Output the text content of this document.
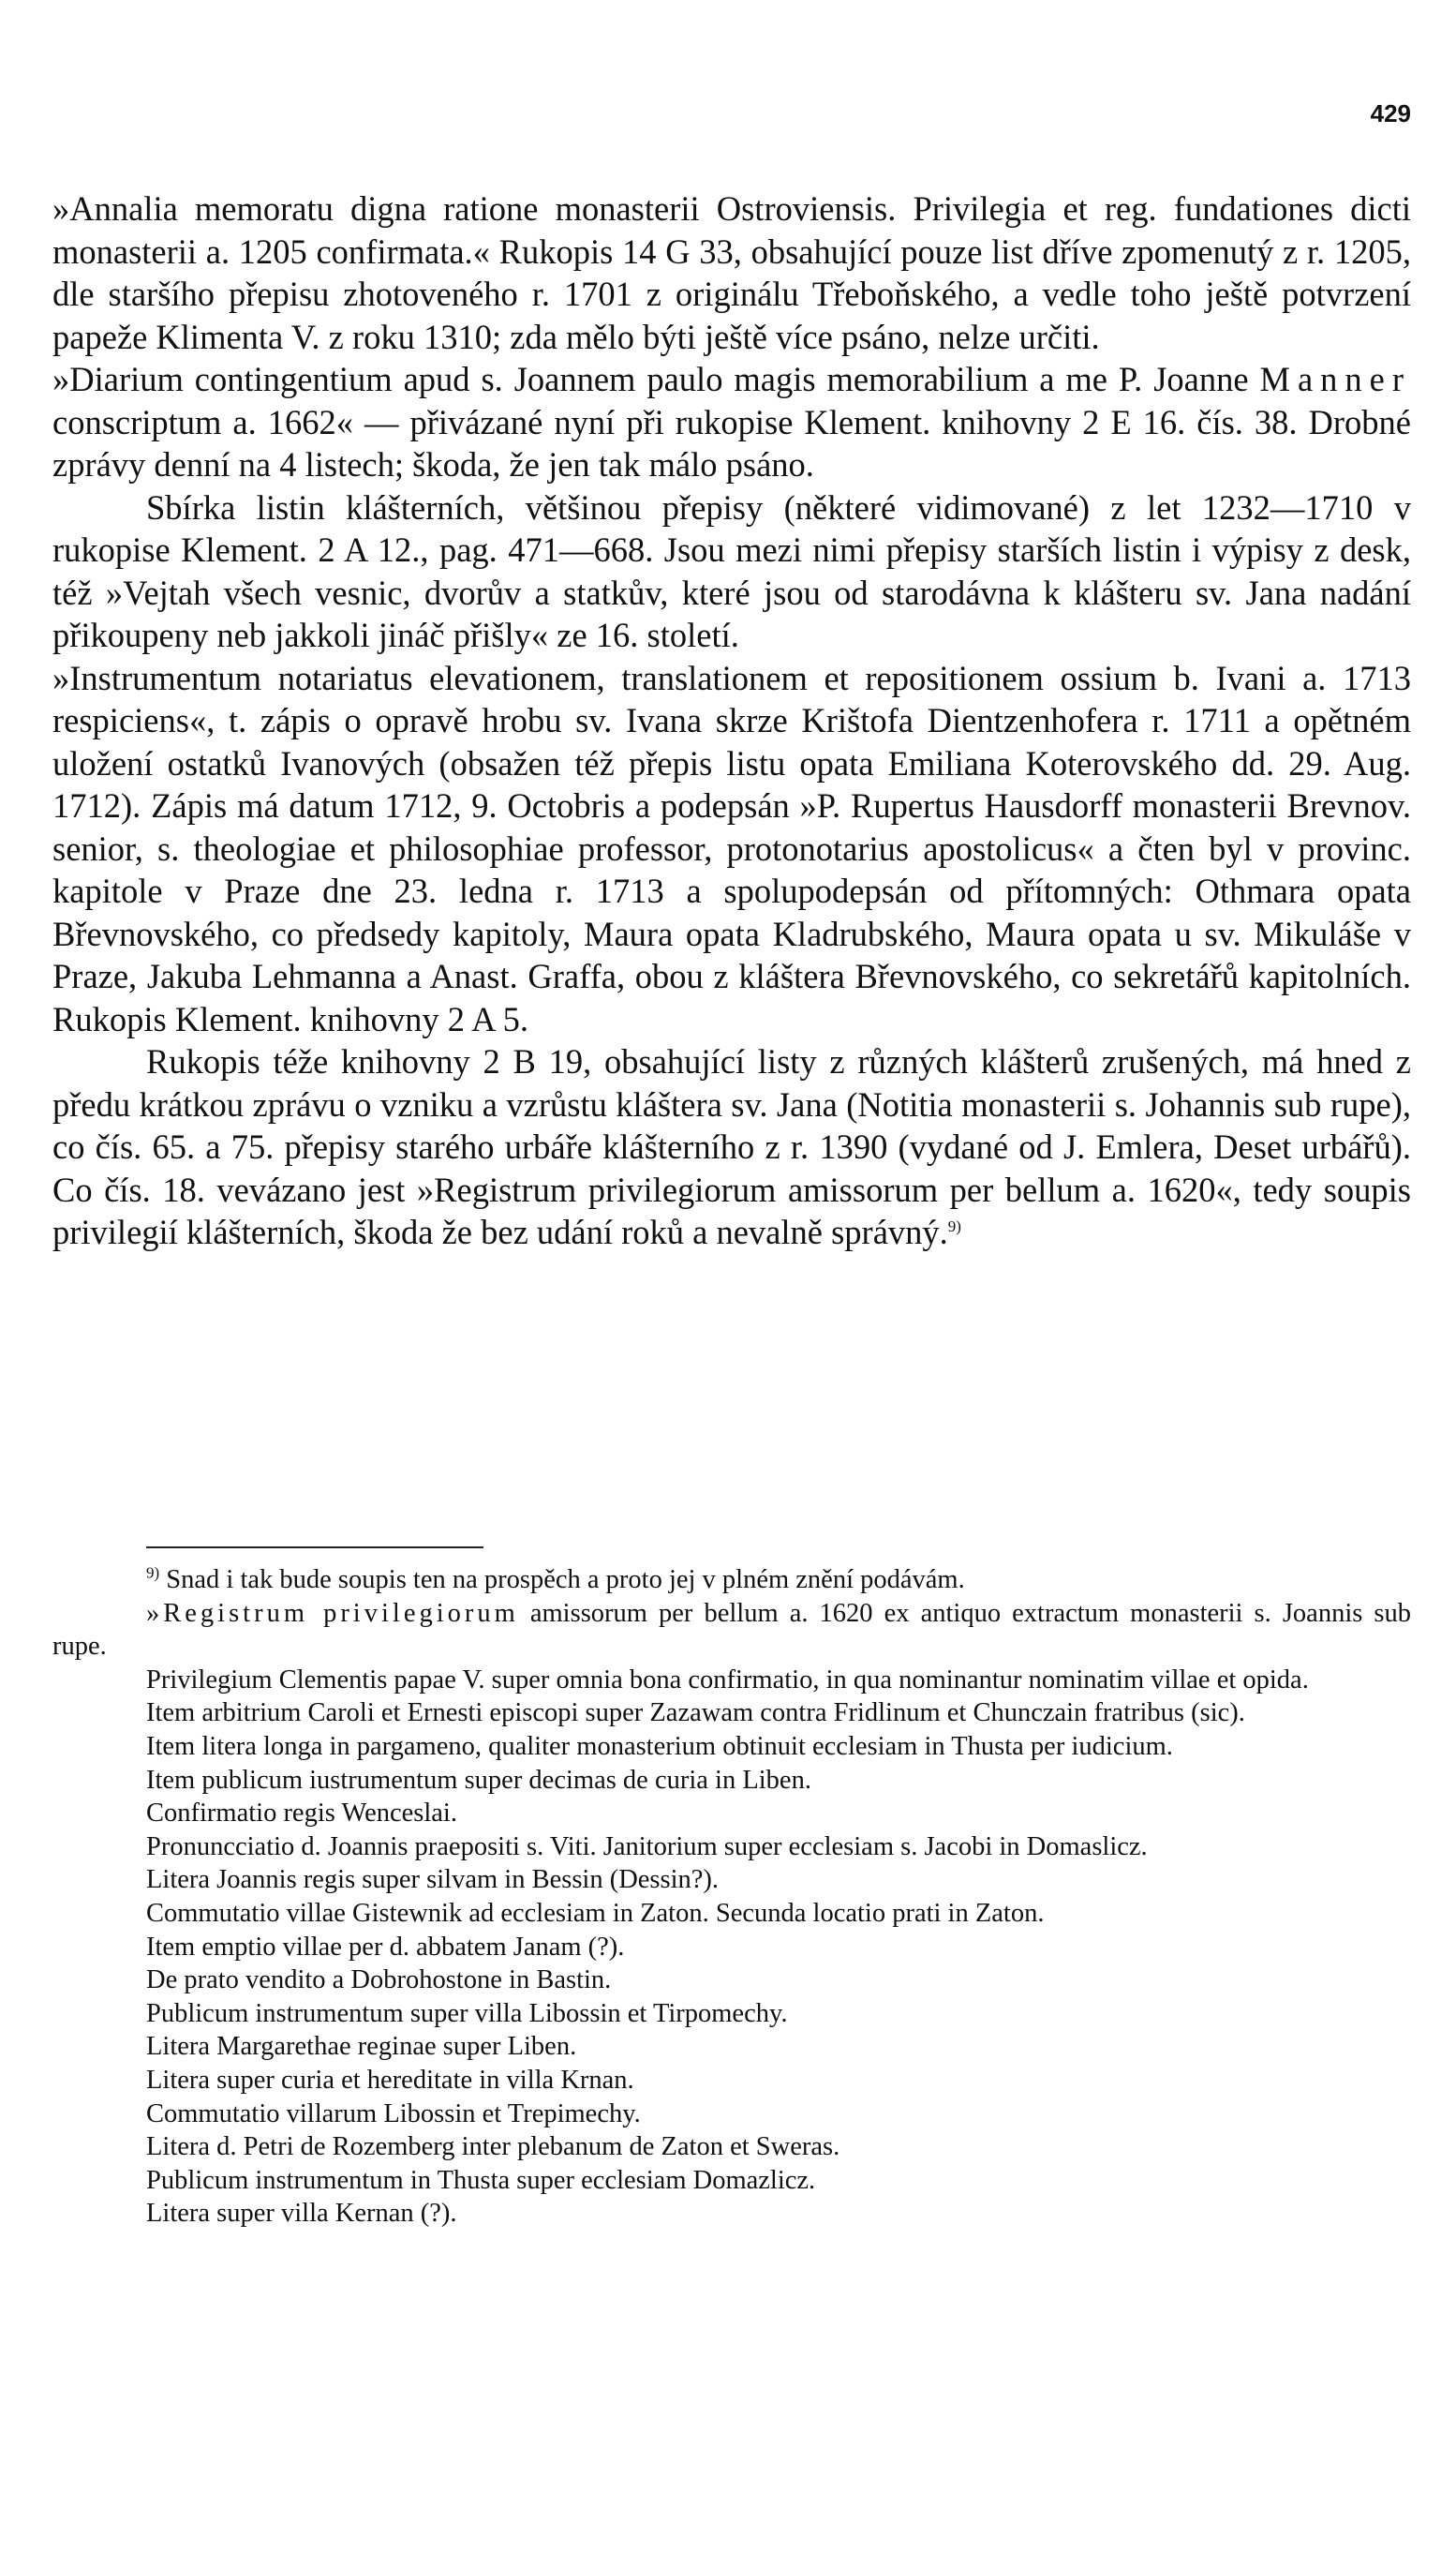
429

»Annalia memoratu digna ratione monasterii Ostroviensis. Privilegia et reg. fundationes dicti monasterii a. 1205 confirmata.« Rukopis 14 G 33, obsahující pouze list dříve zpomenutý z r. 1205, dle staršího přepisu zhotoveného r. 1701 z originálu Třeboňského, a vedle toho ještě potvrzení papeže Klimenta V. z roku 1310; zda mělo býti ještě více psáno, nelze určiti.

»Diarium contingentium apud s. Joannem paulo magis memorabilium a me P. Joanne Manner conscriptum a. 1662« — přivázané nyní při rukopise Klement. knihovny 2 E 16. čís. 38. Drobné zprávy denní na 4 listech; škoda, že jen tak málo psáno.

Sbírka listin klášterních, většinou přepisy (některé vidimované) z let 1232—1710 v rukopise Klement. 2 A 12., pag. 471—668. Jsou mezi nimi přepisy starších listin i výpisy z desk, též »Vejtah všech vesnic, dvorův a statkův, které jsou od starodávna k klášteru sv. Jana nadání přikoupeny neb jakkoli jináč přišly« ze 16. století.

»Instrumentum notariatus elevationem, translationem et repositionem ossium b. Ivani a. 1713 respiciens«, t. zápis o opravě hrobu sv. Ivana skrze Krištofa Dientzenhofera r. 1711 a opětném uložení ostatků Ivanových (obsažen též přepis listu opata Emiliana Koterovského dd. 29. Aug. 1712). Zápis má datum 1712, 9. Octobris a podepsán »P. Rupertus Hausdorff monasterii Brevnov. senior, s. theologiae et philosophiae professor, protonotarius apostolicus« a čten byl v provinc. kapitole v Praze dne 23. ledna r. 1713 a spolupodepsán od přítomných: Othmara opata Břevnovského, co předsedy kapitoly, Maura opata Kladrubského, Maura opata u sv. Mikuláše v Praze, Jakuba Lehmanna a Anast. Graffa, obou z kláštera Břevnovského, co sekretářů kapitolních. Rukopis Klement. knihovny 2 A 5.

Rukopis téže knihovny 2 B 19, obsahující listy z různých klášterů zrušených, má hned z předu krátkou zprávu o vzniku a vzrůstu kláštera sv. Jana (Notitia monasterii s. Johannis sub rupe), co čís. 65. a 75. přepisy starého urbáře klášterního z r. 1390 (vydané od J. Emlera, Deset urbářů). Co čís. 18. vevázano jest »Registrum privilegiorum amissorum per bellum a. 1620«, tedy soupis privilegií klášterních, škoda že bez udání roků a nevalně správný.$^{9)}$

$^{9)}$ Snad i tak bude soupis ten na prospěch a proto jej v plném znění podávám.

»Registrum privilegiorum amissorum per bellum a. 1620 ex antiquo extractum monasterii s. Joannis sub rupe.

Privilegium Clementis papae V. super omnia bona confirmatio, in qua nominantur nominatim villae et opida.

Item arbitrium Caroli et Ernesti episcopi super Zazawam contra Fridlinum et Chunczain fratribus (sic).

Item litera longa in pargameno, qualiter monasterium obtinuit ecclesiam in Thusta per iudicium.

Item publicum iustrumentum super decimas de curia in Liben.

Confirmatio regis Wenceslai.

Pronuncciatio d. Joannis praepositi s. Viti. Janitorium super ecclesiam s. Jacobi in Domaslicz.

Litera Joannis regis super silvam in Bessin (Dessin?).

Commutatio villae Gistewnik ad ecclesiam in Zaton. Secunda locatio prati in Zaton.

Item emptio villae per d. abbatem Janam (?).

De prato vendito a Dobrohostone in Bastin.

Publicum instrumentum super villa Libossin et Tirpomechy.

Litera Margarethae reginae super Liben.

Litera super curia et hereditate in villa Krnan.

Commutatio villarum Libossin et Trepimechy.

Litera d. Petri de Rozemberg inter plebanum de Zaton et Sweras.

Publicum instrumentum in Thusta super ecclesiam Domazlicz.

Litera super villa Kernan (?).
